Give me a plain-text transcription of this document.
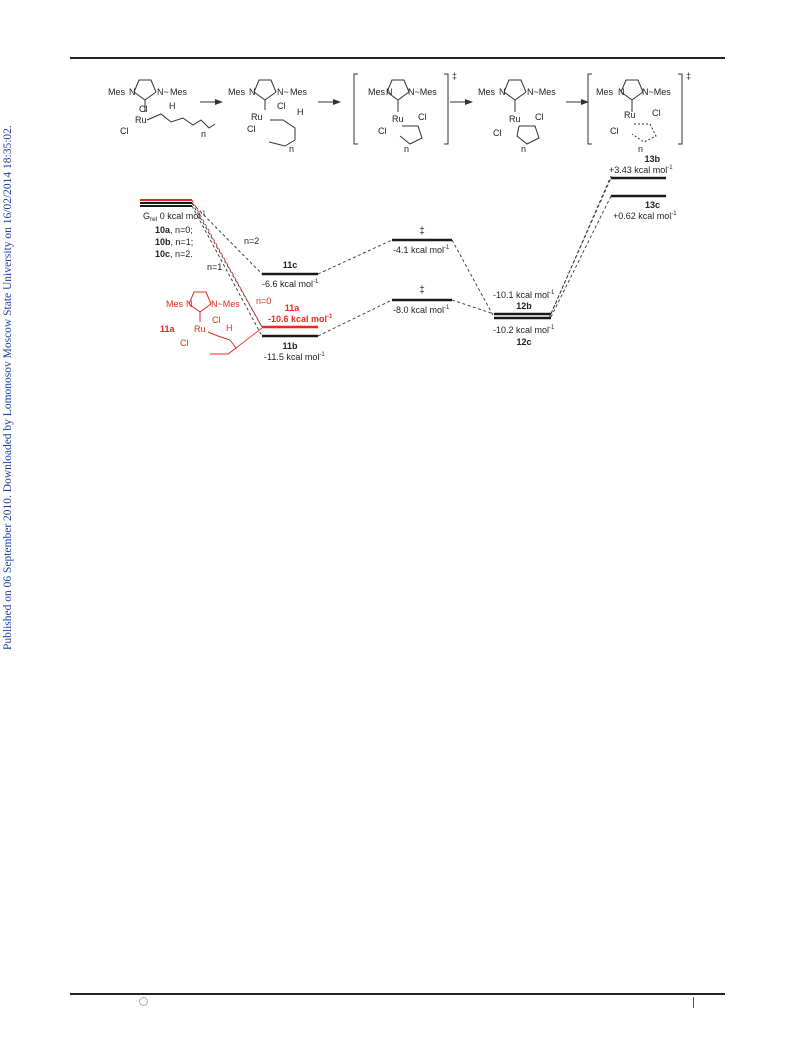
Published on 06 September 2010. Downloaded by Lomonosov Moscow State University on 16/02/2014 18:35:02.
Mes N N~ Mes
Cl
Ru
H
Cl	n
Mes N N~ Mes
Cl
Ru	H
Cl
n
‡
Mes N N~Mes
Ru Cl
Cl
n
Mes N N~Mes
Ru Cl
Cl
n
‡
Mes N N~Mes
Ru Cl
Cl
n
$G_{rel}$ 0 kcal mol$^{-1}$
10a, n=0;
10b, n=1;
10c, n=2.
n=2
n=1
n=0
11c
-6.6 kcal mol$^{-1}$
‡
-4.1 kcal mol$^{-1}$
‡
-8.0 kcal mol$^{-1}$
11a
-10.6 kcal mol$^{-1}$
11b
-11.5 kcal mol$^{-1}$
-10.1 kcal mol$^{-1}$
12b
-10.2 kcal mol$^{-1}$
12c
13b
+3.43 kcal mol$^{-1}$
13c
+0.62 kcal mol$^{-1}$
Mes N N~Mes
11a Ru
Cl
H
Cl
